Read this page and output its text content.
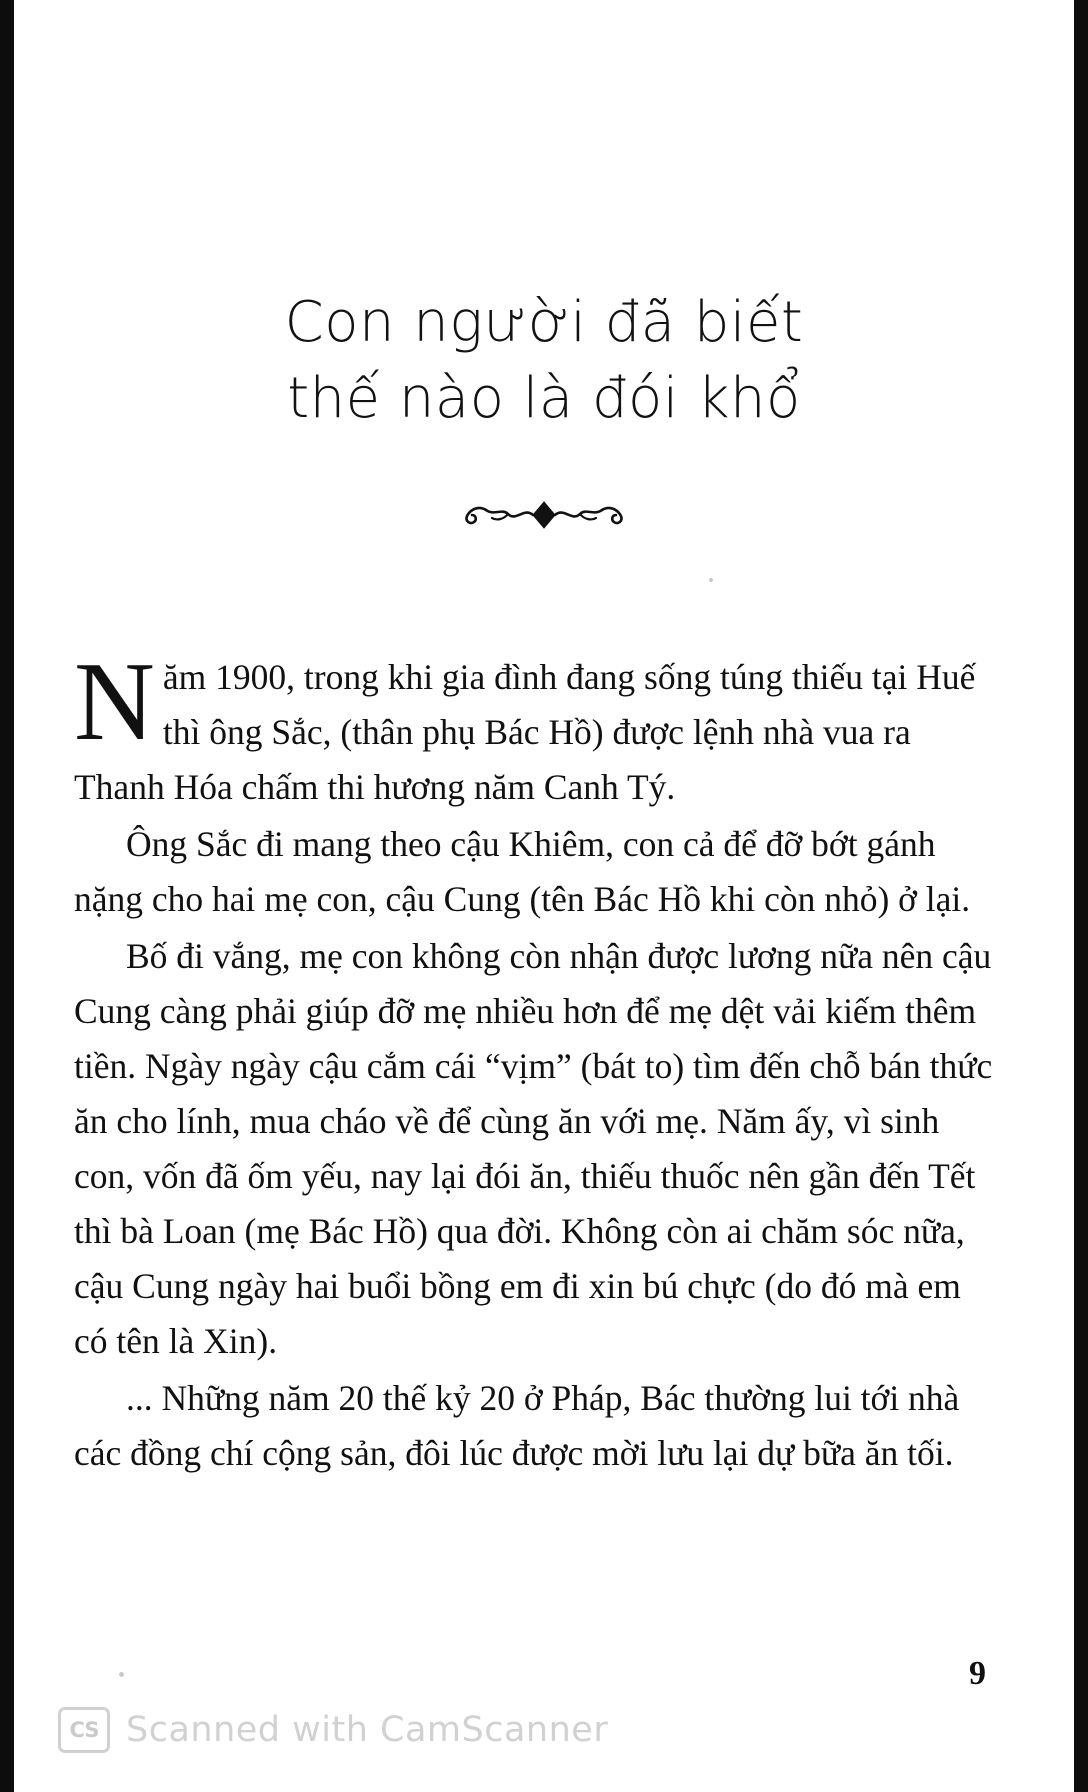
Con người đã biết
thế nào là đói khổ

Năm 1900, trong khi gia đình đang sống túng thiếu tại Huế thì ông Sắc, (thân phụ Bác Hồ) được lệnh nhà vua ra Thanh Hóa chấm thi hương năm Canh Tý.

Ông Sắc đi mang theo cậu Khiêm, con cả để đỡ bớt gánh nặng cho hai mẹ con, cậu Cung (tên Bác Hồ khi còn nhỏ) ở lại.

Bố đi vắng, mẹ con không còn nhận được lương nữa nên cậu Cung càng phải giúp đỡ mẹ nhiều hơn để mẹ dệt vải kiếm thêm tiền. Ngày ngày cậu cắm cái “vịm” (bát to) tìm đến chỗ bán thức ăn cho lính, mua cháo về để cùng ăn với mẹ. Năm ấy, vì sinh con, vốn đã ốm yếu, nay lại đói ăn, thiếu thuốc nên gần đến Tết thì bà Loan (mẹ Bác Hồ) qua đời. Không còn ai chăm sóc nữa, cậu Cung ngày hai buổi bồng em đi xin bú chực (do đó mà em có tên là Xin).

... Những năm 20 thế kỷ 20 ở Pháp, Bác thường lui tới nhà các đồng chí cộng sản, đôi lúc được mời lưu lại dự bữa ăn tối.

9
CS Scanned with CamScanner
